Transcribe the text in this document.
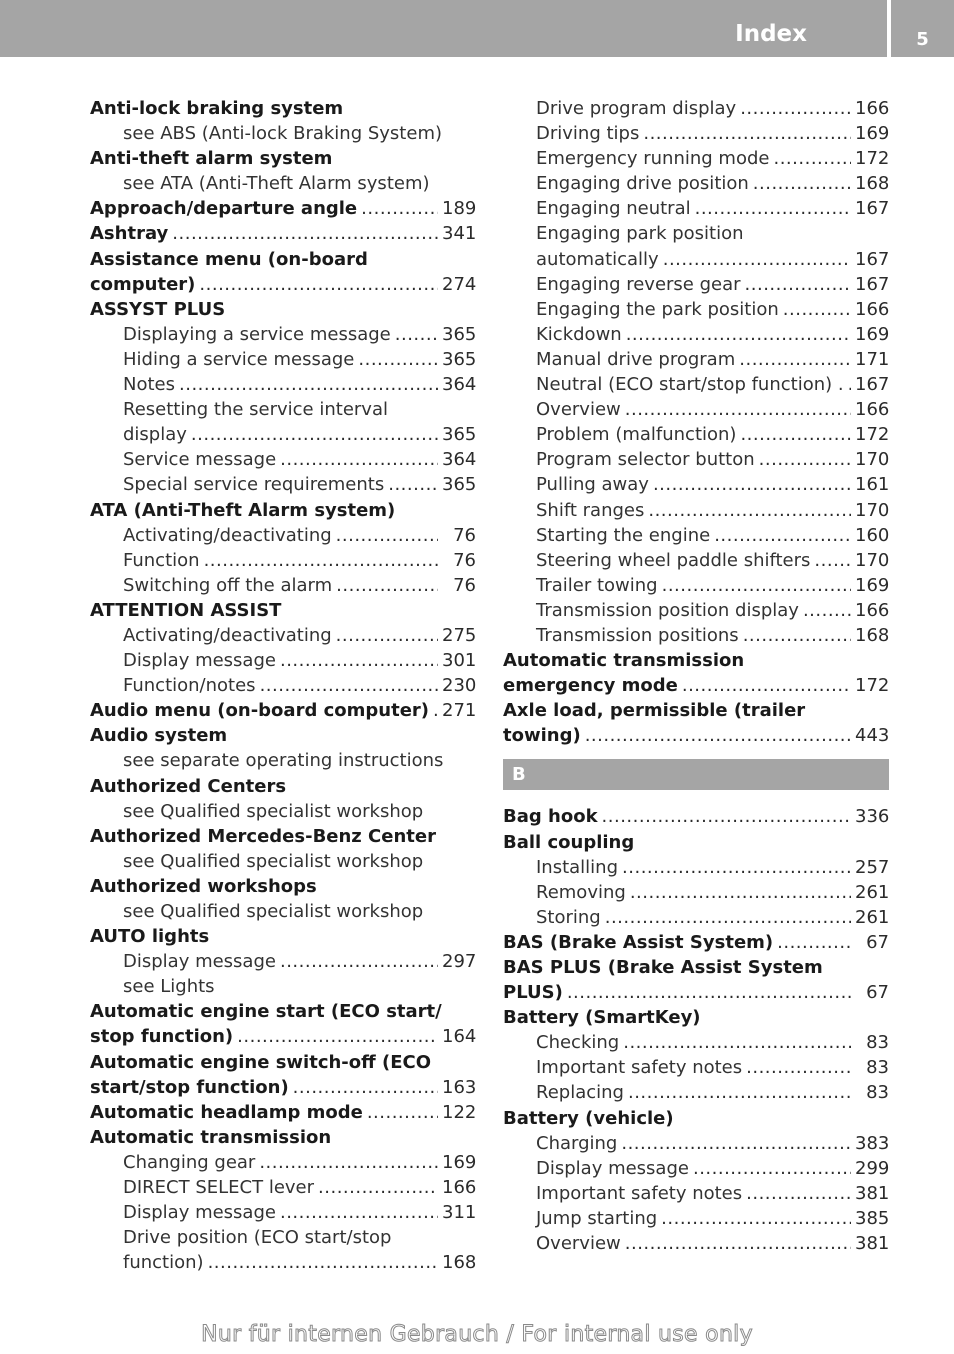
Index	5
Anti-lock braking system
see ABS (Anti-lock Braking System)
Anti-theft alarm system
see ATA (Anti-Theft Alarm system)
Approach/departure angle .....	189
Ashtray .....	341
Assistance menu (on-board
computer) .....	274
ASSYST PLUS
Displaying a service message .....	365
Hiding a service message .....	365
Notes .....	364
Resetting the service interval
display .....	365
Service message .....	364
Special service requirements .....	365
ATA (Anti-Theft Alarm system)
Activating/deactivating .....	76
Function .....	76
Switching off the alarm .....	76
ATTENTION ASSIST
Activating/deactivating .....	275
Display message .....	301
Function/notes .....	230
Audio menu (on-board computer) ..... 271
Audio system
see separate operating instructions
Authorized Centers
see Qualified specialist workshop
Authorized Mercedes-Benz Center
see Qualified specialist workshop
Authorized workshops
see Qualified specialist workshop
AUTO lights
Display message .....	297
see Lights
Automatic engine start (ECO start/
stop function) .....	164
Automatic engine switch-off (ECO
start/stop function) .....	163
Automatic headlamp mode .....	122
Automatic transmission
Changing gear .....	169
DIRECT SELECT lever .....	166
Display message .....	311
Drive position (ECO start/stop
function) .....	168
Drive program display .....	166
Driving tips .....	169
Emergency running mode .....	172
Engaging drive position .....	168
Engaging neutral .....	167
Engaging park position
automatically .....	167
Engaging reverse gear .....	167
Engaging the park position .....	166
Kickdown .....	169
Manual drive program .....	171
Neutral (ECO start/stop function) . ..... 167
Overview .....	166
Problem (malfunction) .....	172
Program selector button .....	170
Pulling away .....	161
Shift ranges .....	170
Starting the engine .....	160
Steering wheel paddle shifters ..... 170
Trailer towing .....	169
Transmission position display .....	166
Transmission positions .....	168
Automatic transmission
emergency mode .....	172
Axle load, permissible (trailer
towing) .....	443
B
Bag hook .....	336
Ball coupling
Installing .....	257
Removing .....	261
Storing .....	261
BAS (Brake Assist System) .....	67
BAS PLUS (Brake Assist System
PLUS) .....	67
Battery (SmartKey)
Checking .....	83
Important safety notes .....	83
Replacing .....	83
Battery (vehicle)
Charging .....	383
Display message .....	299
Important safety notes .....	381
Jump starting .....	385
Overview .....	381
Nur für internen Gebrauch / For internal use only
